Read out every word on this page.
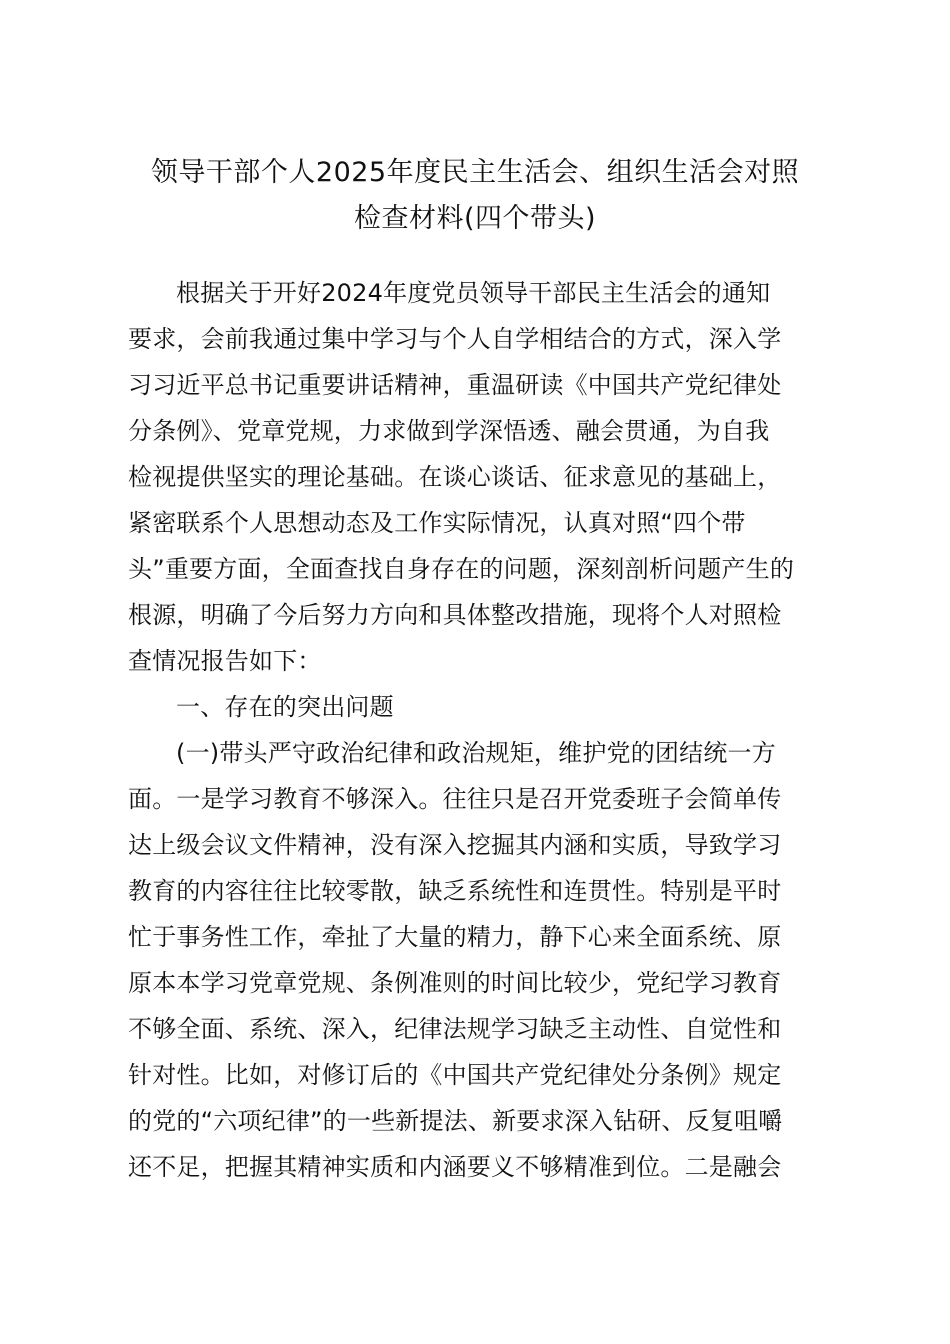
领导干部个人2025年度民主生活会、组织生活会对照
检查材料(四个带头)
根据关于开好2024年度党员领导干部民主生活会的通知
要求，会前我通过集中学习与个人自学相结合的方式，深入学
习习近平总书记重要讲话精神，重温研读《中国共产党纪律处
分条例》、党章党规，力求做到学深悟透、融会贯通，为自我
检视提供坚实的理论基础。在谈心谈话、征求意见的基础上，
紧密联系个人思想动态及工作实际情况，认真对照“四个带
头”重要方面，全面查找自身存在的问题，深刻剖析问题产生的
根源，明确了今后努力方向和具体整改措施，现将个人对照检
查情况报告如下：
一、存在的突出问题
(一)带头严守政治纪律和政治规矩，维护党的团结统一方
面。一是学习教育不够深入。往往只是召开党委班子会简单传
达上级会议文件精神，没有深入挖掘其内涵和实质，导致学习
教育的内容往往比较零散，缺乏系统性和连贯性。特别是平时
忙于事务性工作，牵扯了大量的精力，静下心来全面系统、原
原本本学习党章党规、条例准则的时间比较少，党纪学习教育
不够全面、系统、深入，纪律法规学习缺乏主动性、自觉性和
针对性。比如，对修订后的《中国共产党纪律处分条例》规定
的党的“六项纪律”的一些新提法、新要求深入钻研、反复咀嚼
还不足，把握其精神实质和内涵要义不够精准到位。二是融会
